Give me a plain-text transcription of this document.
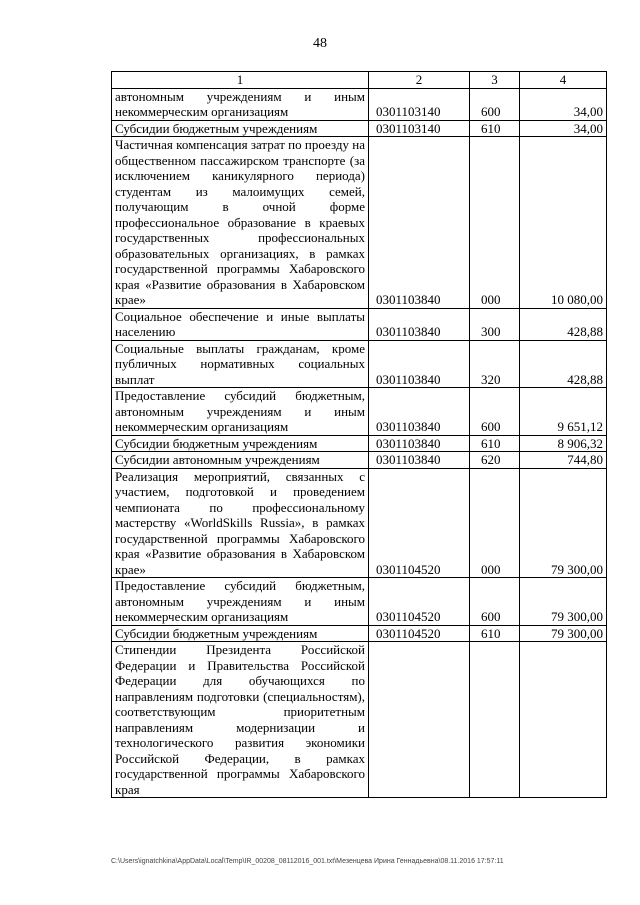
48
1	2	3	4
автономным учреждениям и иным некоммерческим организациям	0301103140	600	34,00
Субсидии бюджетным учреждениям	0301103140	610	34,00
Частичная компенсация затрат по проезду на общественном пассажирском транспорте (за исключением каникулярного периода) студентам из малоимущих семей, получающим в очной форме профессиональное образование в краевых государственных профессиональных образовательных организациях, в рамках государственной программы Хабаровского края «Развитие образования в Хабаровском крае»	0301103840	000	10 080,00
Социальное обеспечение и иные выплаты населению	0301103840	300	428,88
Социальные выплаты гражданам, кроме публичных нормативных социальных выплат	0301103840	320	428,88
Предоставление субсидий бюджетным, автономным учреждениям и иным некоммерческим организациям	0301103840	600	9 651,12
Субсидии бюджетным учреждениям	0301103840	610	8 906,32
Субсидии автономным учреждениям	0301103840	620	744,80
Реализация мероприятий, связанных с участием, подготовкой и проведением чемпионата по профессиональному мастерству «WorldSkills Russia», в рамках государственной программы Хабаровского края «Развитие образования в Хабаровском крае»	0301104520	000	79 300,00
Предоставление субсидий бюджетным, автономным учреждениям и иным некоммерческим организациям	0301104520	600	79 300,00
Субсидии бюджетным учреждениям	0301104520	610	79 300,00
Стипендии Президента Российской Федерации и Правительства Российской Федерации для обучающихся по направлениям подготовки (специальностям), соответствующим приоритетным направлениям модернизации и технологического развития экономики Российской Федерации, в рамках государственной программы Хабаровского края			
C:\Users\ignatchkina\AppData\Local\Temp\IR_00208_08112016_001.txt\Мезенцева Ирина Геннадьевна\08.11.2016 17:57:11
